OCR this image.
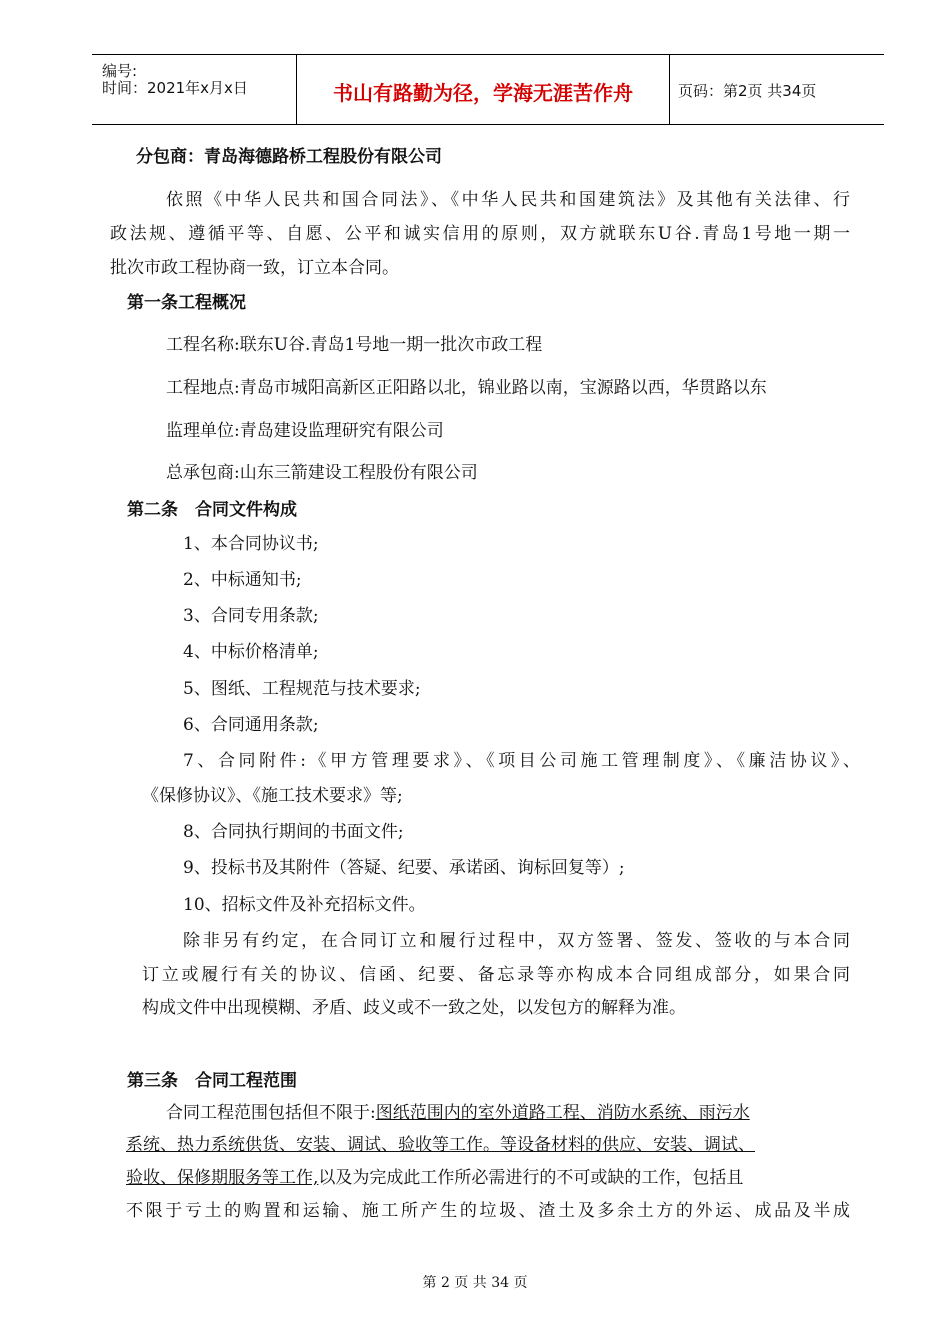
编号:
时间：2021年x月x日	书山有路勤为径，学海无涯苦作舟	页码：第2页 共34页
分包商：青岛海德路桥工程股份有限公司
依照《中华人民共和国合同法》、《中华人民共和国建筑法》及其他有关法律、行
政法规、遵循平等、自愿、公平和诚实信用的原则，双方就联东U谷.青岛1号地一期一
批次市政工程协商一致，订立本合同。
第一条工程概况
工程名称:联东U谷.青岛1号地一期一批次市政工程
工程地点:青岛市城阳高新区正阳路以北，锦业路以南，宝源路以西，华贯路以东
监理单位:青岛建设监理研究有限公司
总承包商:山东三箭建设工程股份有限公司
第二条　合同文件构成
1、本合同协议书;
2、中标通知书;
3、合同专用条款;
4、中标价格清单;
5、图纸、工程规范与技术要求;
6、合同通用条款;
7、合同附件:《甲方管理要求》、《项目公司施工管理制度》、《廉洁协议》、
《保修协议》、《施工技术要求》等;
8、合同执行期间的书面文件;
9、投标书及其附件（答疑、纪要、承诺函、询标回复等）;
10、招标文件及补充招标文件。
除非另有约定，在合同订立和履行过程中，双方签署、签发、签收的与本合同
订立或履行有关的协议、信函、纪要、备忘录等亦构成本合同组成部分，如果合同
构成文件中出现模糊、矛盾、歧义或不一致之处，以发包方的解释为准。
第三条　合同工程范围
合同工程范围包括但不限于:图纸范围内的室外道路工程、消防水系统、雨污水
系统、热力系统供货、安装、调试、验收等工作。等设备材料的供应、安装、调试、
验收、保修期服务等工作,以及为完成此工作所必需进行的不可或缺的工作，包括且
不限于亏土的购置和运输、施工所产生的垃圾、渣土及多余土方的外运、成品及半成
第 2 页 共 34 页
